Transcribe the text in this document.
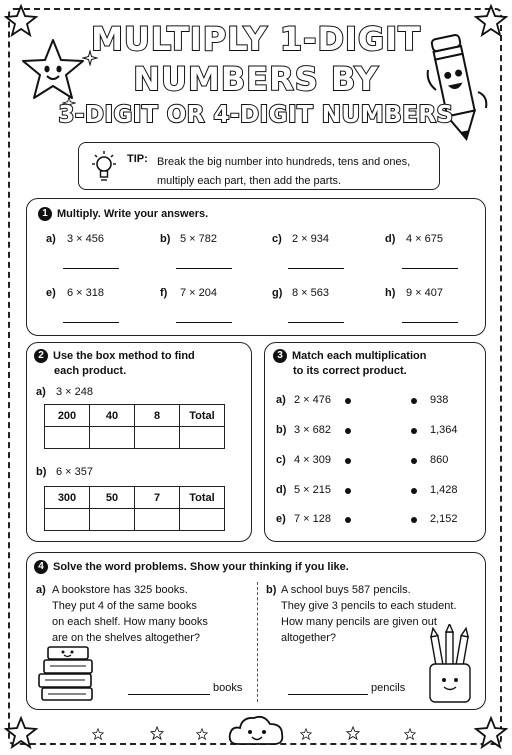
MULTIPLY 1-DIGIT
NUMBERS BY
3-DIGIT OR 4-DIGIT NUMBERS
TIP: Break the big number into hundreds, tens and ones, multiply each part, then add the parts.
1 Multiply. Write your answers.
a) 3 × 456	b) 5 × 782	c) 2 × 934	d) 4 × 675
e) 6 × 318	f) 7 × 204	g) 8 × 563	h) 9 × 407
2 Use the box method to find
each product.
a) 3 × 248
200	40	8	Total

b) 6 × 357
300	50	7	Total

3 Match each multiplication
to its correct product.
a) 2 × 476	938
b) 3 × 682	1,364
c) 4 × 309	860
d) 5 × 215	1,428
e) 7 × 128	2,152
4 Solve the word problems. Show your thinking if you like.
a) A bookstore has 325 books.
They put 4 of the same books
on each shelf. How many books
are on the shelves altogether?
books
b) A school buys 587 pencils.
They give 3 pencils to each student.
How many pencils are given out
altogether?
pencils
